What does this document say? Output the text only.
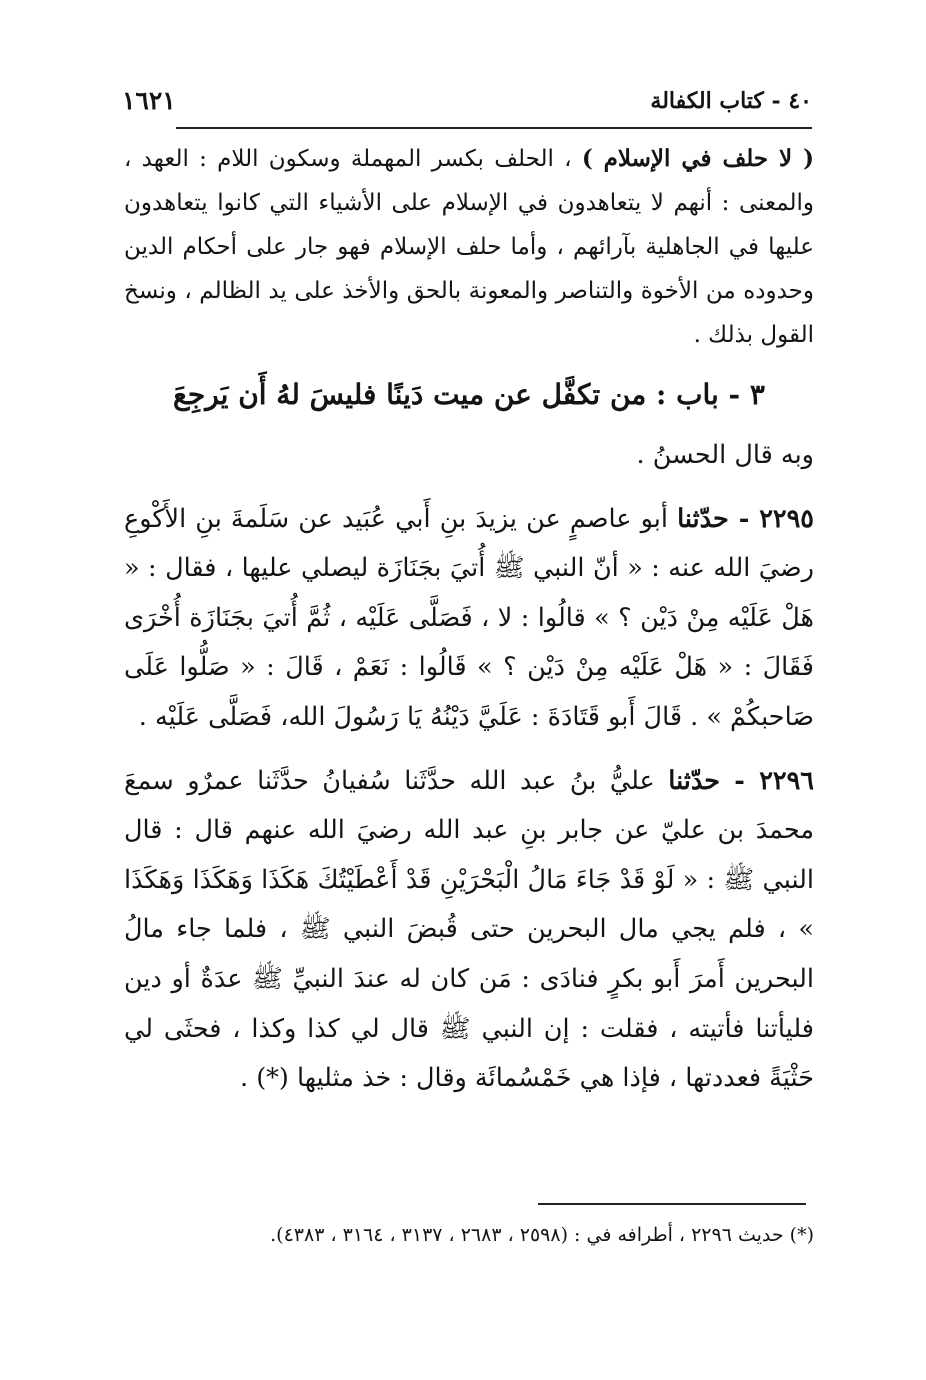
١٦٢١	٤٠ - كتاب الكفالة

( لا حلف في الإسلام ) ، الحلف بكسر المهملة وسكون اللام : العهد ، والمعنى : أنهم لا يتعاهدون في الإسلام على الأشياء التي كانوا يتعاهدون عليها في الجاهلية بآرائهم ، وأما حلف الإسلام فهو جار على أحكام الدين وحدوده من الأخوة والتناصر والمعونة بالحق والأخذ على يد الظالم ، ونسخ القول بذلك .

٣ - باب : من تكفَّل عن ميت دَينًا فليسَ لهُ أَن يَرجِعَ

وبه قال الحسنُ .

٢٢٩٥ - حدّثنا أبو عاصمٍ عن يزيدَ بنِ أَبي عُبَيد عن سَلَمةَ بنِ الأَكْوعِ رضيَ الله عنه : « أنّ النبي ﷺ أُتيَ بجَنَازَة ليصلي عليها ، فقال : « هَلْ عَلَيْه مِنْ دَيْن ؟ » قالُوا : لا ، فَصَلَّى عَلَيْه ، ثُمَّ أُتيَ بجَنَازَة أُخْرَى فَقَالَ : « هَلْ عَلَيْه مِنْ دَيْن ؟ » قَالُوا : نَعَمْ ، قَالَ : « صَلُّوا عَلَى صَاحبكُمْ » . قَالَ أَبو قَتَادَةَ : عَلَيَّ دَيْنُهُ يَا رَسُولَ الله، فَصَلَّى عَلَيْه .

٢٢٩٦ - حدّثنا عليُّ بنُ عبد الله حدَّثَنا سُفيانُ حدَّثَنا عمرٌو سمعَ محمدَ بن عليّ عن جابر بنِ عبد الله رضيَ الله عنهم قال : قال النبي ﷺ : « لَوْ قَدْ جَاءَ مَالُ الْبَحْرَيْنِ قَدْ أَعْطَيْتُكَ هَكَذَا وَهَكَذَا وَهَكَذَا » ، فلم يجي مال البحرين حتى قُبضَ النبي ﷺ ، فلما جاء مالُ البحرين أَمرَ أَبو بكرٍ فنادَى : مَن كان له عندَ النبيِّ ﷺ عدَةٌ أو دين فليأتنا فأتيته ، فقلت : إن النبي ﷺ قال لي كذا وكذا ، فحثَى لي حَثْيَةً فعددتها ، فإذا هي خَمْسُمائَة وقال : خذ مثليها (*) .

(*) حديث ٢٢٩٦ ، أطرافه في : (٢٥٩٨ ، ٢٦٨٣ ، ٣١٣٧ ، ٣١٦٤ ، ٤٣٨٣).
